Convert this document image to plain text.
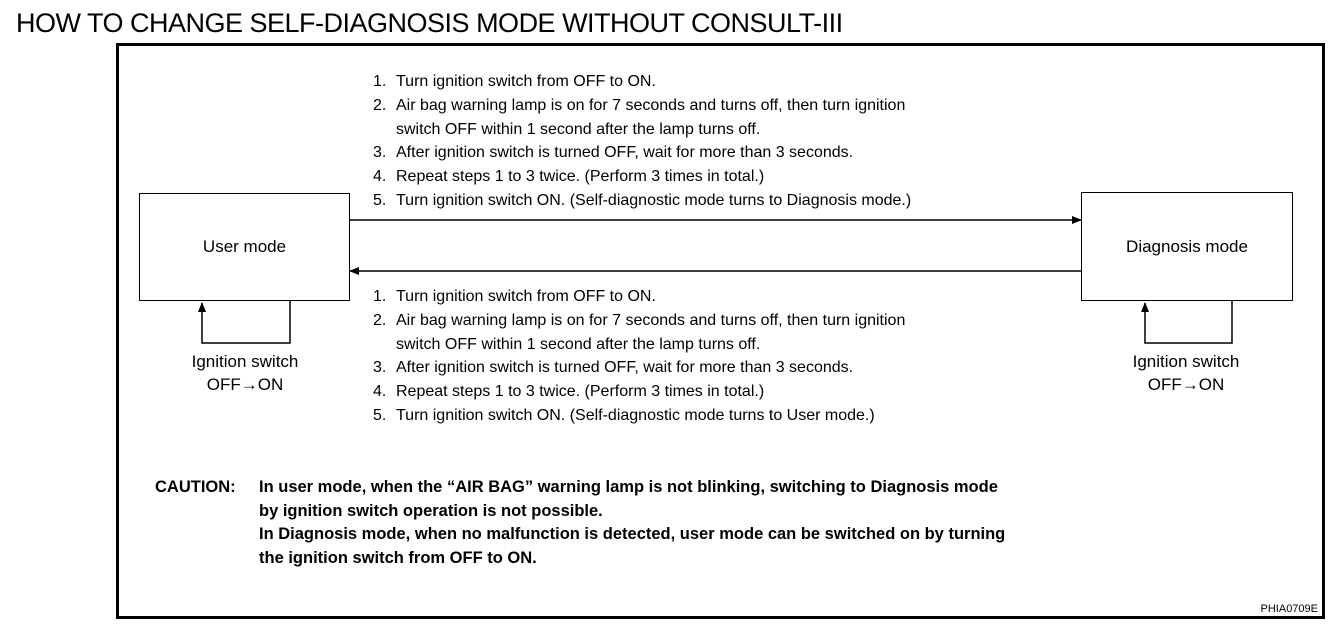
HOW TO CHANGE SELF-DIAGNOSIS MODE WITHOUT CONSULT-III
User mode	Diagnosis mode
1. Turn ignition switch from OFF to ON.
2. Air bag warning lamp is on for 7 seconds and turns off, then turn ignition
switch OFF within 1 second after the lamp turns off.
3. After ignition switch is turned OFF, wait for more than 3 seconds.
4. Repeat steps 1 to 3 twice. (Perform 3 times in total.)
5. Turn ignition switch ON. (Self-diagnostic mode turns to Diagnosis mode.)
1. Turn ignition switch from OFF to ON.
2. Air bag warning lamp is on for 7 seconds and turns off, then turn ignition
switch OFF within 1 second after the lamp turns off.
3. After ignition switch is turned OFF, wait for more than 3 seconds.
4. Repeat steps 1 to 3 twice. (Perform 3 times in total.)
5. Turn ignition switch ON. (Self-diagnostic mode turns to User mode.)
Ignition switch
OFF→ON
Ignition switch
OFF→ON
CAUTION: In user mode, when the “AIR BAG” warning lamp is not blinking, switching to Diagnosis mode
by ignition switch operation is not possible.
In Diagnosis mode, when no malfunction is detected, user mode can be switched on by turning
the ignition switch from OFF to ON.
PHIA0709E
